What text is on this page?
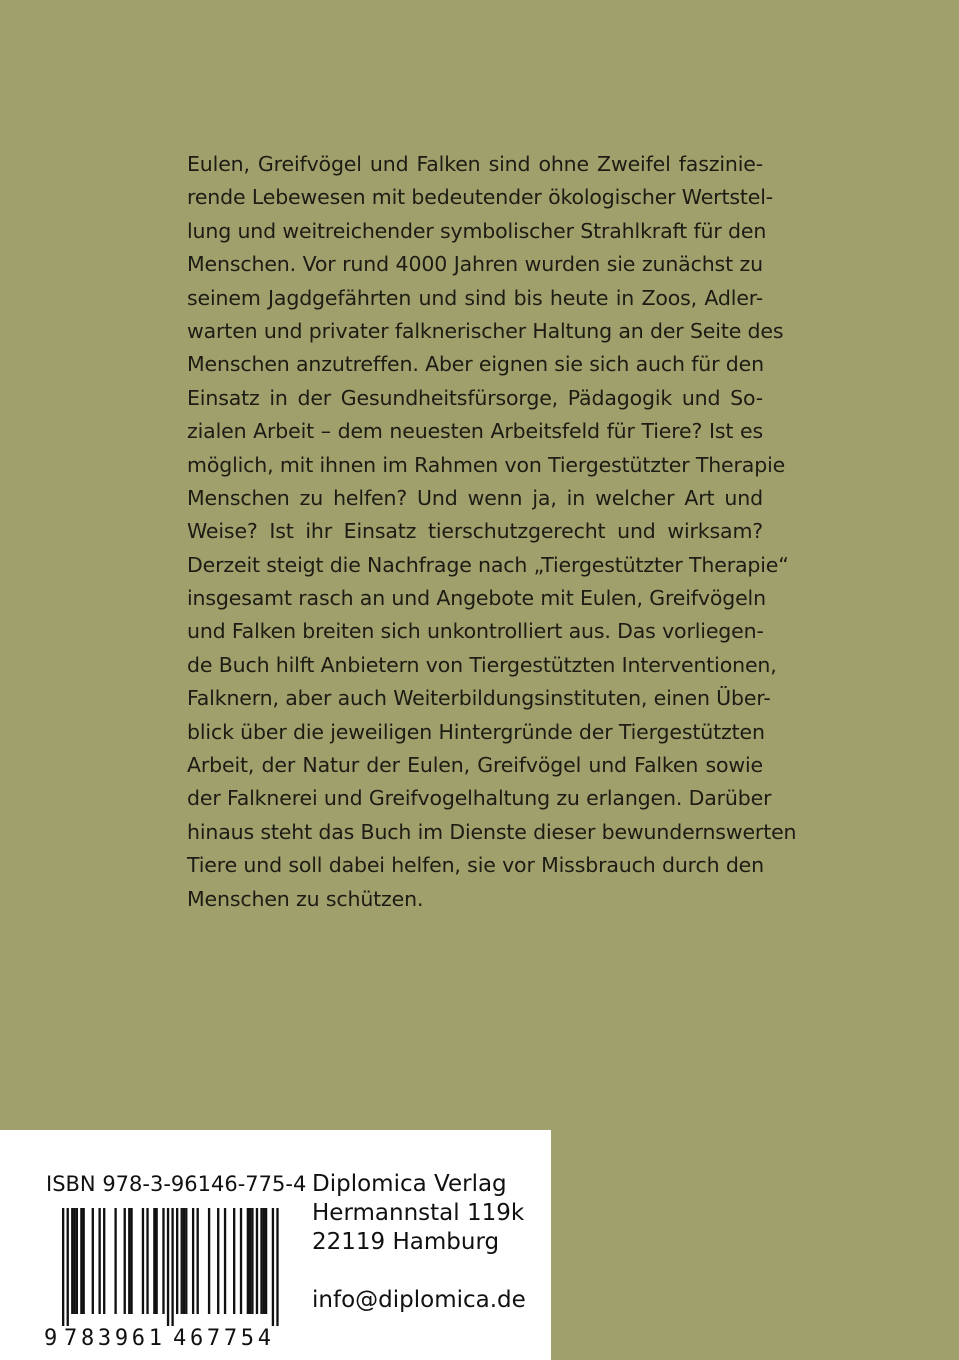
Eulen, Greifvögel und Falken sind ohne Zweifel faszinie-
rende Lebewesen mit bedeutender ökologischer Wertstel-
lung und weitreichender symbolischer Strahlkraft für den
Menschen. Vor rund 4000 Jahren wurden sie zunächst zu
seinem Jagdgefährten und sind bis heute in Zoos, Adler-
warten und privater falknerischer Haltung an der Seite des
Menschen anzutreffen. Aber eignen sie sich auch für den
Einsatz in der Gesundheitsfürsorge, Pädagogik und So-
zialen Arbeit – dem neuesten Arbeitsfeld für Tiere? Ist es
möglich, mit ihnen im Rahmen von Tiergestützter Therapie
Menschen zu helfen? Und wenn ja, in welcher Art und
Weise? Ist ihr Einsatz tierschutzgerecht und wirksam?
Derzeit steigt die Nachfrage nach „Tiergestützter Therapie“
insgesamt rasch an und Angebote mit Eulen, Greifvögeln
und Falken breiten sich unkontrolliert aus. Das vorliegen-
de Buch hilft Anbietern von Tiergestützten Interventionen,
Falknern, aber auch Weiterbildungsinstituten, einen Über-
blick über die jeweiligen Hintergründe der Tiergestützten
Arbeit, der Natur der Eulen, Greifvögel und Falken sowie
der Falknerei und Greifvogelhaltung zu erlangen. Darüber
hinaus steht das Buch im Dienste dieser bewundernswerten
Tiere und soll dabei helfen, sie vor Missbrauch durch den
Menschen zu schützen.
ISBN 978-3-96146-775-4
9 783961 467754
Diplomica Verlag
Hermannstal 119k
22119 Hamburg
info@diplomica.de
